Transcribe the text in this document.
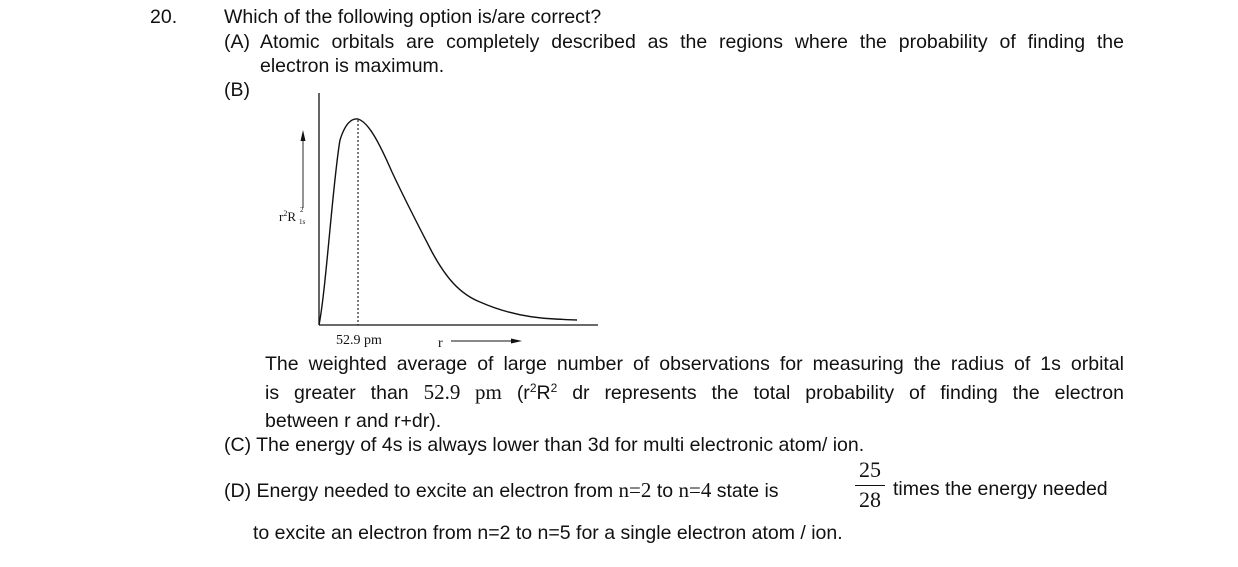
20. Which of the following option is/are correct?
(A) Atomic orbitals are completely described as the regions where the probability of finding the
electron is maximum.
(B)
$r^2R$ 2 1s
52.9 pm	r
The weighted average of large number of observations for measuring the radius of 1s orbital
is greater than 52.9 pm ($r^2R^2$ dr represents the total probability of finding the electron
between r and r+dr).
(C) The energy of 4s is always lower than 3d for multi electronic atom/ ion.
(D) Energy needed to excite an electron from n=2 to n=4 state is
25
28 times the energy needed
to excite an electron from n=2 to n=5 for a single electron atom / ion.
